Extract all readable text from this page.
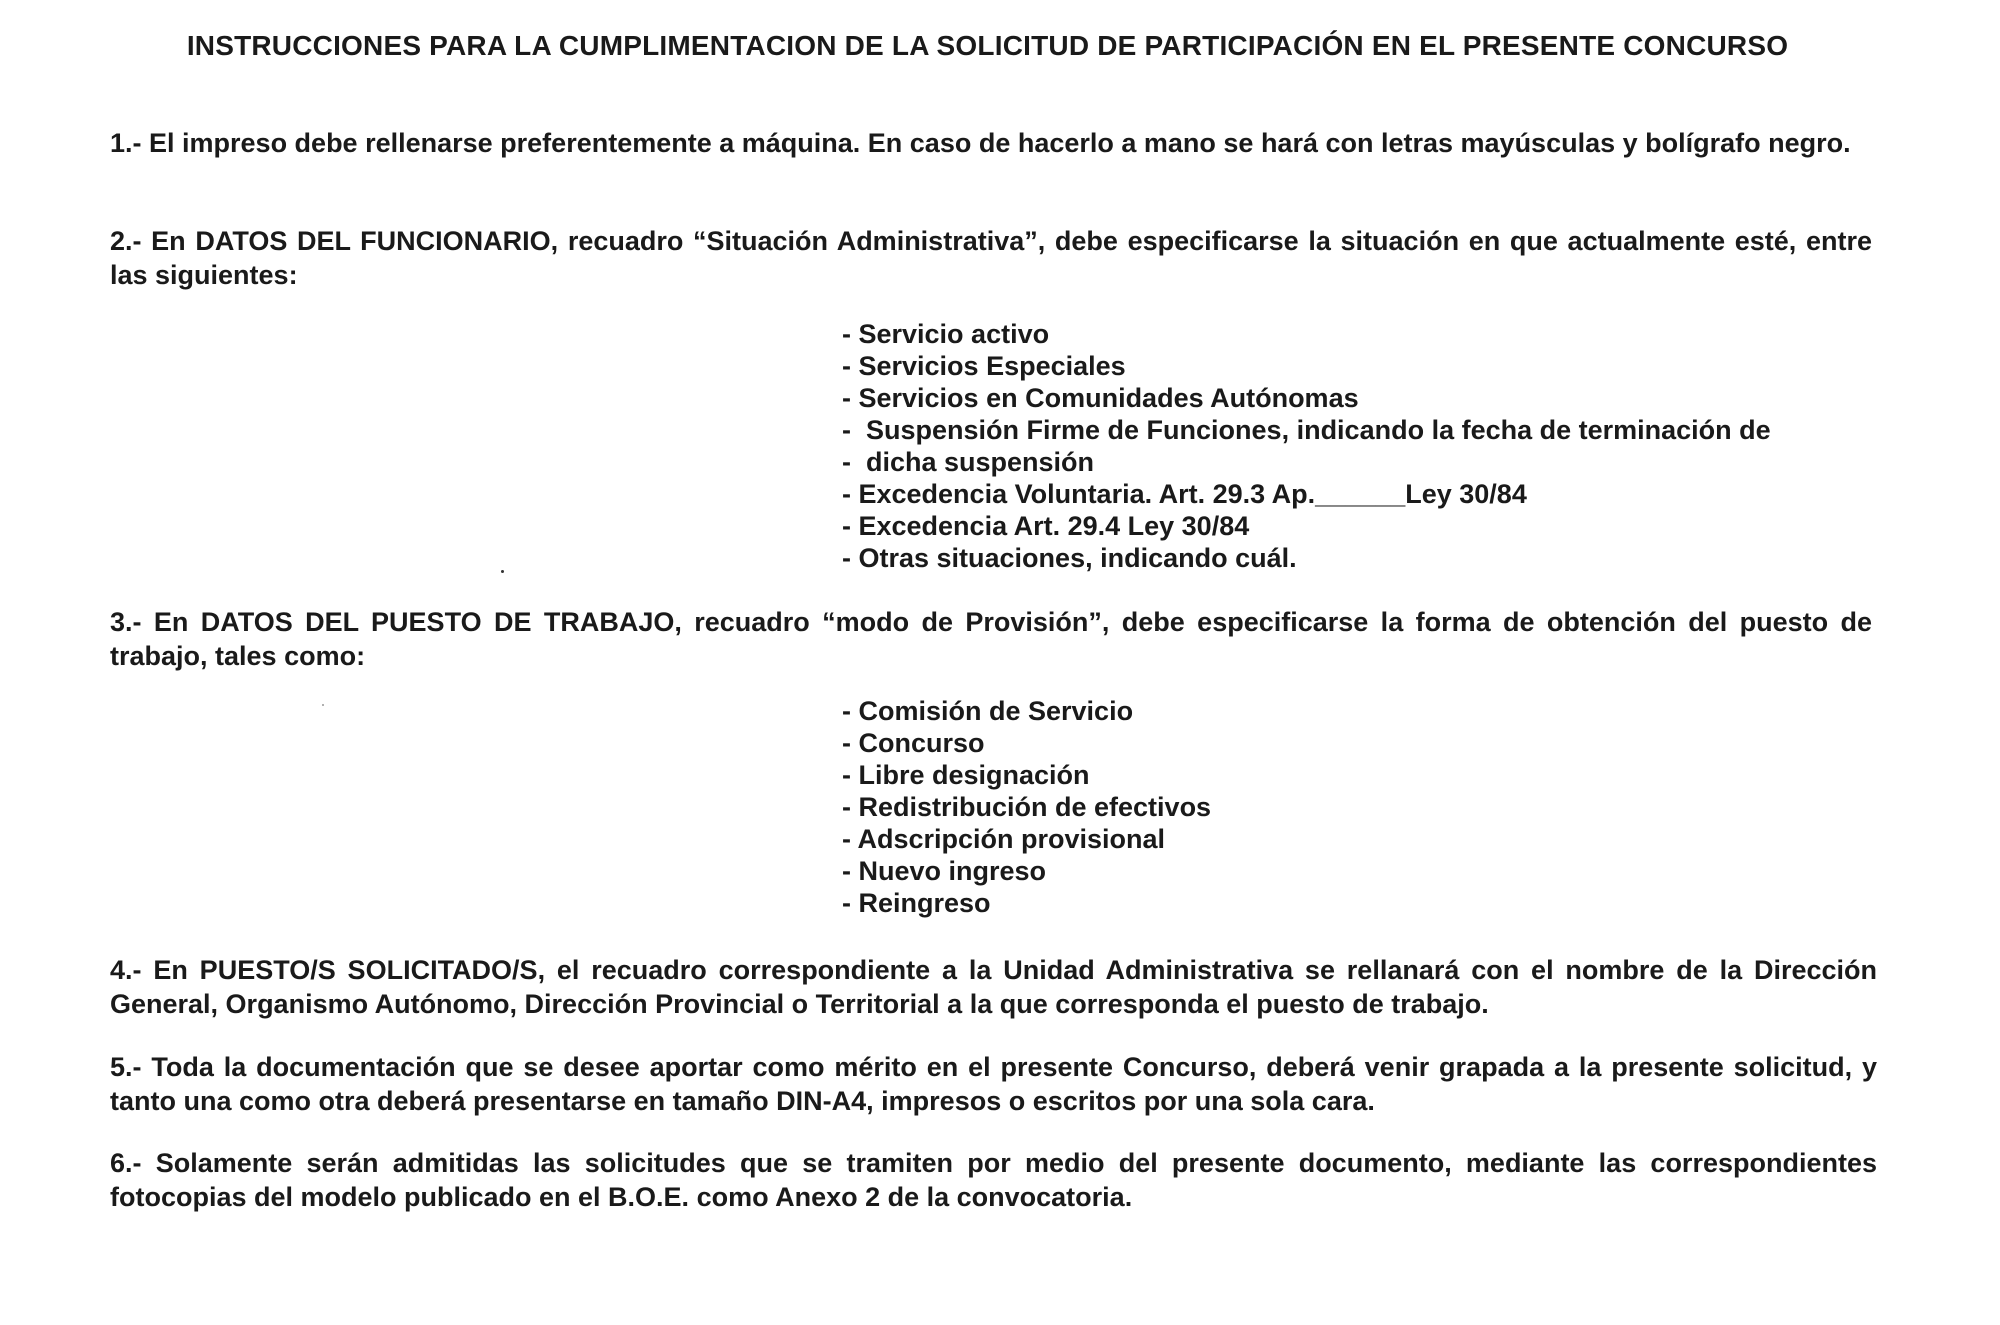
INSTRUCCIONES PARA LA CUMPLIMENTACION DE LA SOLICITUD DE PARTICIPACIÓN EN EL PRESENTE CONCURSO

1.- El impreso debe rellenarse preferentemente a máquina. En caso de hacerlo a mano se hará con letras mayúsculas y bolígrafo negro.

2.- En DATOS DEL FUNCIONARIO, recuadro “Situación Administrativa”, debe especificarse la situación en que actualmente esté, entre las siguientes:

- Servicio activo
- Servicios Especiales
- Servicios en Comunidades Autónomas
-  Suspensión Firme de Funciones, indicando la fecha de terminación de
-  dicha suspensión
- Excedencia Voluntaria. Art. 29.3 Ap.______Ley 30/84
- Excedencia Art. 29.4 Ley 30/84
- Otras situaciones, indicando cuál.

3.- En DATOS DEL PUESTO DE TRABAJO, recuadro “modo de Provisión”, debe especificarse la forma de obtención del puesto de trabajo, tales como:

- Comisión de Servicio
- Concurso
- Libre designación
- Redistribución de efectivos
- Adscripción provisional
- Nuevo ingreso
- Reingreso

4.- En PUESTO/S SOLICITADO/S, el recuadro correspondiente a la Unidad Administrativa se rellanará con el nombre de la Dirección General, Organismo Autónomo, Dirección Provincial o Territorial a la que corresponda el puesto de trabajo.

5.- Toda la documentación que se desee aportar como mérito en el presente Concurso, deberá venir grapada a la presente solicitud, y tanto una como otra deberá presentarse en tamaño DIN-A4, impresos o escritos por una sola cara.

6.- Solamente serán admitidas las solicitudes que se tramiten por medio del presente documento, mediante las correspondientes fotocopias del modelo publicado en el B.O.E. como Anexo 2 de la convocatoria.
